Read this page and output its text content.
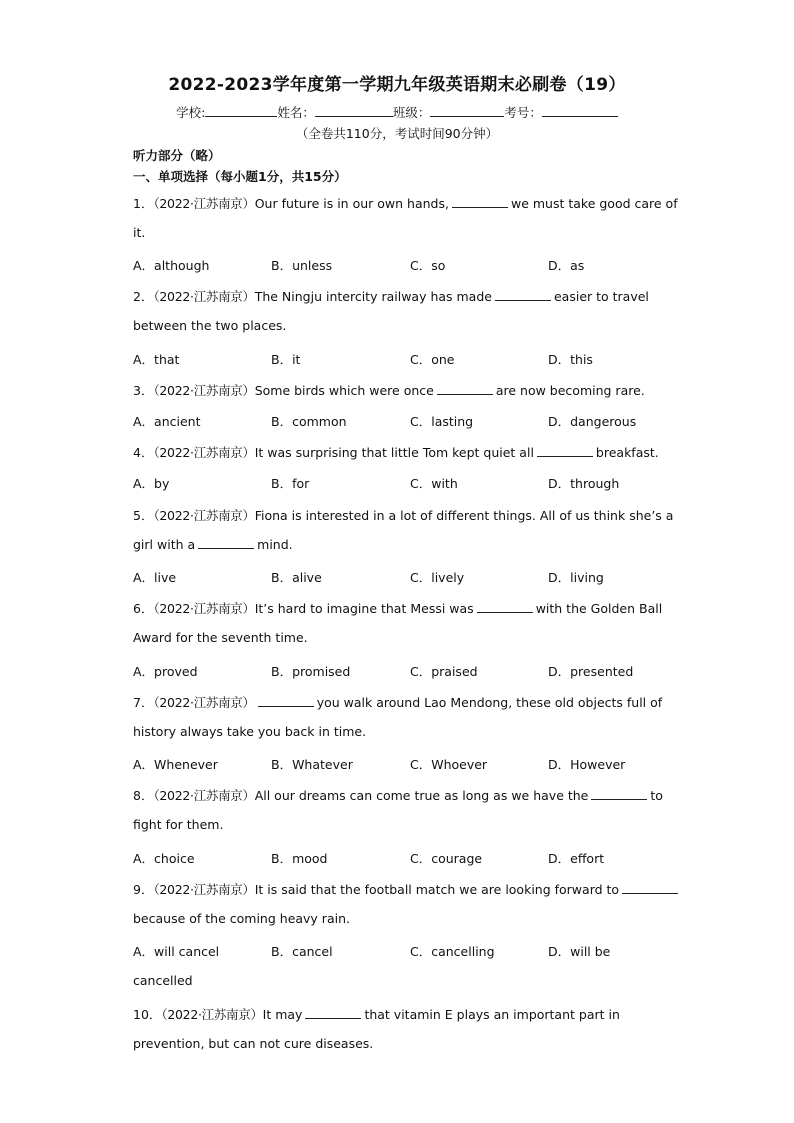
2022-2023学年度第一学期九年级英语期末必刷卷（19）
学校:	姓名：	班级：	考号：
（全卷共110分，考试时间90分钟）
听力部分（略）
一、单项选择（每小题1分，共15分）
1．（2022·江苏南京）Our future is in our own hands,	we must take good care of
it.
A．although	B．unless	C．so	D．as
2．（2022·江苏南京）The Ningju intercity railway has made	easier to travel
between the two places.
A．that	B．it	C．one	D．this
3．（2022·江苏南京）Some birds which were once	are now becoming rare.
A．ancient	B．common	C．lasting	D．dangerous
4．（2022·江苏南京）It was surprising that little Tom kept quiet all	breakfast.
A．by	B．for	C．with	D．through
5．（2022·江苏南京）Fiona is interested in a lot of different things. All of us think she’s a
girl with a	mind.
A．live	B．alive	C．lively	D．living
6．（2022·江苏南京）It’s hard to imagine that Messi was	with the Golden Ball
Award for the seventh time.
A．proved	B．promised	C．praised	D．presented
7．（2022·江苏南京）	you walk around Lao Mendong, these old objects full of
history always take you back in time.
A．Whenever	B．Whatever	C．Whoever	D．However
8．（2022·江苏南京）All our dreams can come true as long as we have the	to
fight for them.
A．choice	B．mood	C．courage	D．effort
9．（2022·江苏南京）It is said that the football match we are looking forward to
because of the coming heavy rain.
A．will cancel	B．cancel	C．cancelling	D．will be
cancelled
10．（2022·江苏南京）It may	that vitamin E plays an important part in
prevention, but can not cure diseases.
